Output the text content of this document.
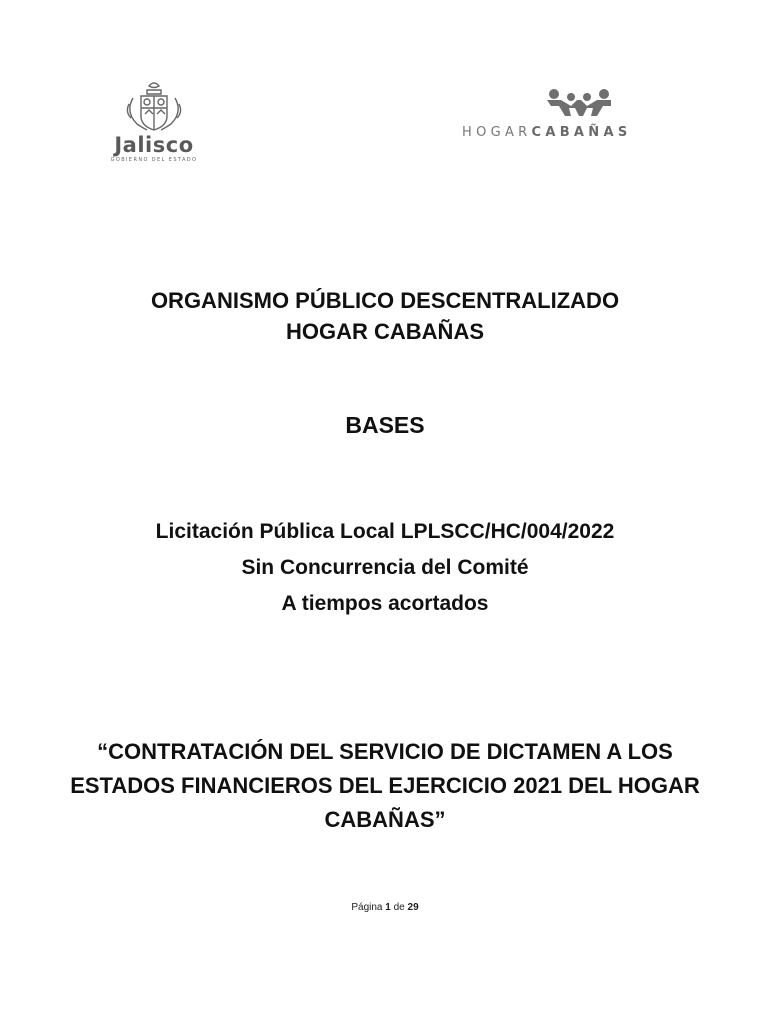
Jalisco
GOBIERNO DEL ESTADO
HOGARCABAÑAS
ORGANISMO PÚBLICO DESCENTRALIZADO
HOGAR CABAÑAS
BASES
Licitación Pública Local LPLSCC/HC/004/2022
Sin Concurrencia del Comité
A tiempos acortados
“CONTRATACIÓN DEL SERVICIO DE DICTAMEN A LOS
ESTADOS FINANCIEROS DEL EJERCICIO 2021 DEL HOGAR
CABAÑAS”
Página 1 de 29
